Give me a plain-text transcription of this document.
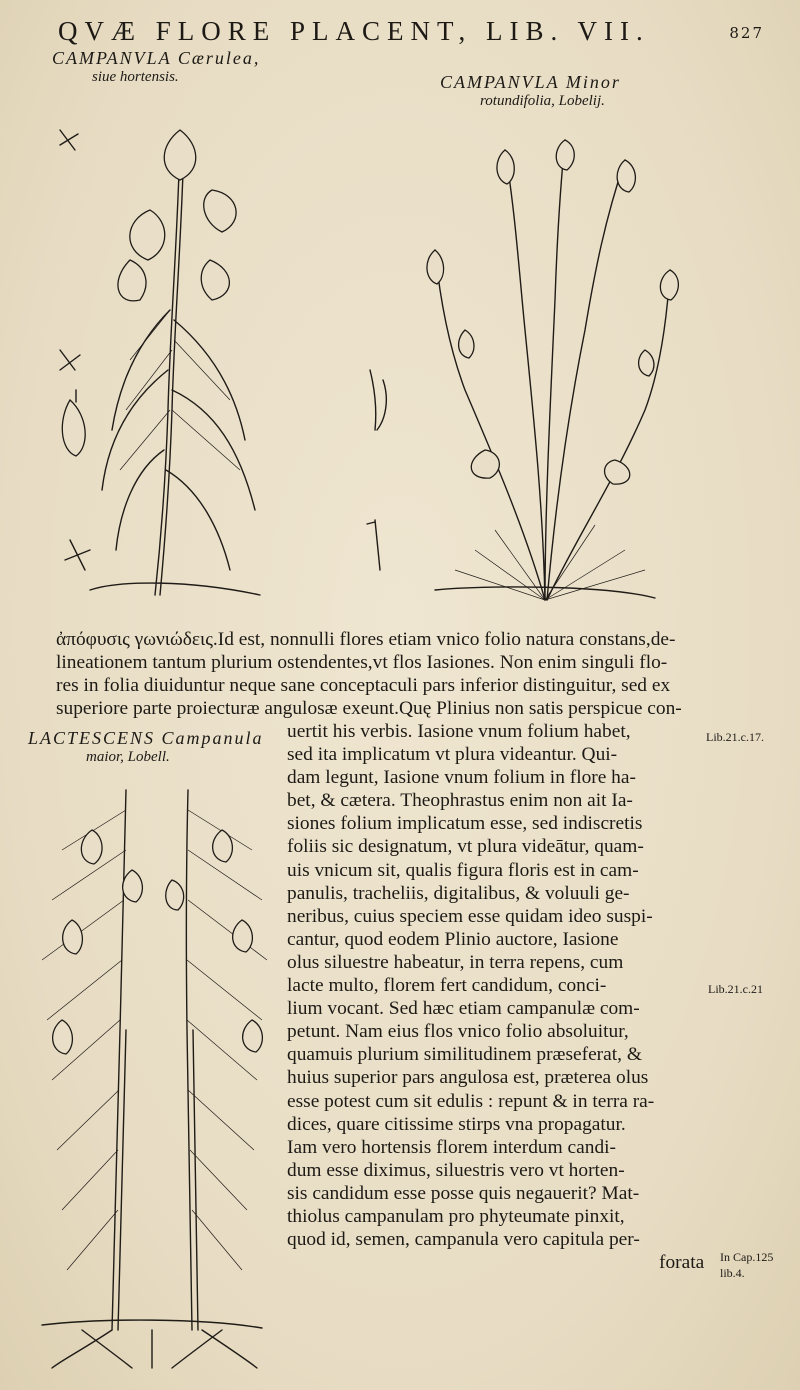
QVÆ FLORE PLACENT, LIB. VII.	827
CAMPANVLA Cærulea,
siue hortensis.	CAMPANVLA Minor
rotundifolia, Lobelij.
LACTESCENS Campanula
maior, Lobell.
ἀπόφυσις γωνιώδεις.Id est, nonnulli flores etiam vnico folio natura constans,de-
lineationem tantum plurium ostendentes,vt flos Iasiones. Non enim singuli flo-
res in folia diuiduntur neque sane conceptaculi pars inferior distinguitur, sed ex
superiore parte proiecturæ angulosæ exeunt.Quę Plinius non satis perspicue con-
uertit his verbis. Iasione vnum folium habet,
sed ita implicatum vt plura videantur. Qui-
dam legunt, Iasione vnum folium in flore ha-
bet, & cætera. Theophrastus enim non ait Ia-
siones folium implicatum esse, sed indiscretis
foliis sic designatum, vt plura videātur, quam-
uis vnicum sit, qualis figura floris est in cam-
panulis, tracheliis, digitalibus, & voluuli ge-
neribus, cuius speciem esse quidam ideo suspi-
cantur, quod eodem Plinio auctore, Iasione
olus siluestre habeatur, in terra repens, cum
lacte multo, florem fert candidum, conci-
lium vocant. Sed hæc etiam campanulæ com-
petunt. Nam eius flos vnico folio absoluitur,
quamuis plurium similitudinem præseferat, &
huius superior pars angulosa est, præterea olus
esse potest cum sit edulis : repunt & in terra ra-
dices, quare citissime stirps vna propagatur.
Iam vero hortensis florem interdum candi-
dum esse diximus, siluestris vero vt horten-
sis candidum esse posse quis negauerit? Mat-
thiolus campanulam pro phyteumate pinxit,
quod id, semen, campanula vero capitula per-
forata
Lib.21.c.17.
Lib.21.c.21
In Cap.125
lib.4.
